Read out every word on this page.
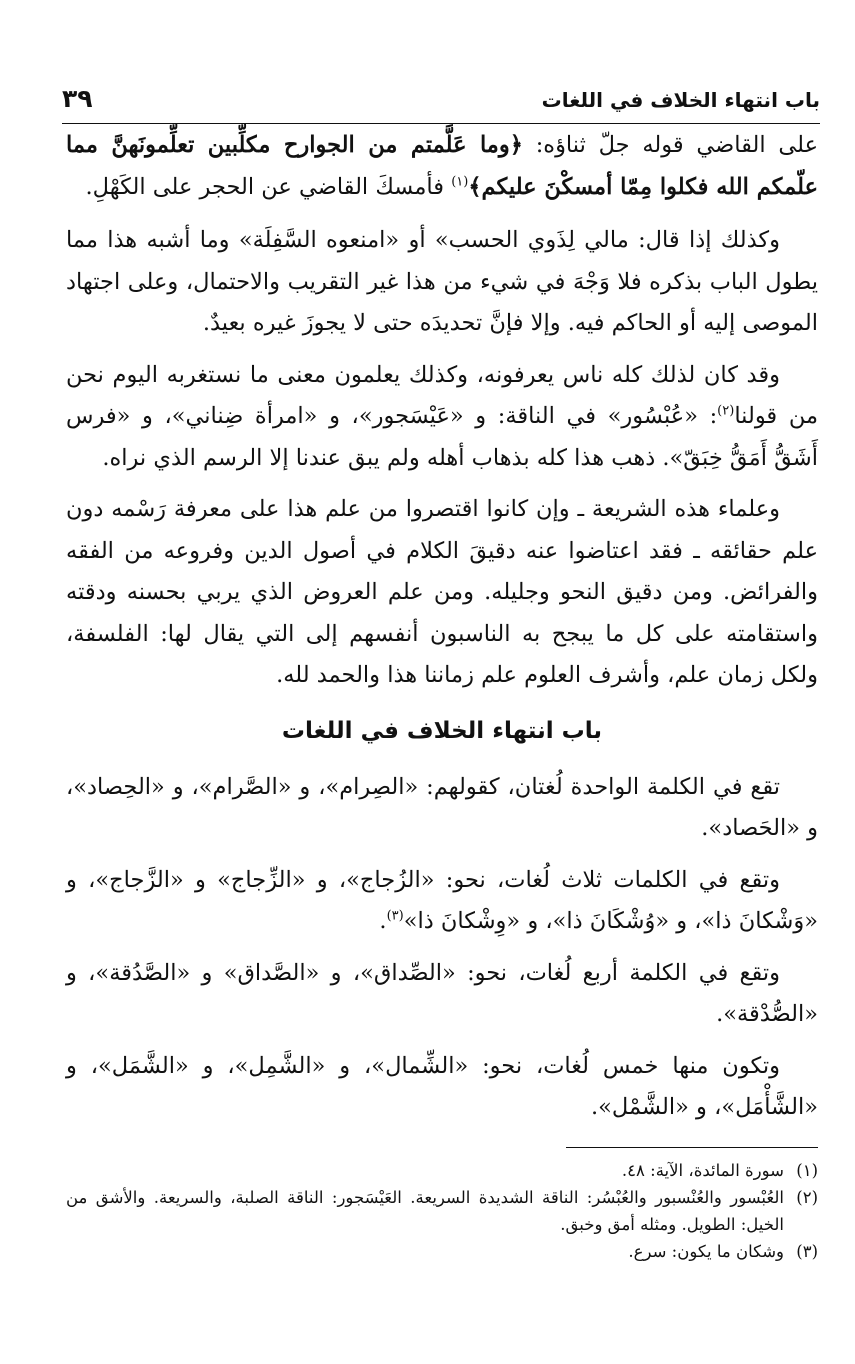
باب انتهاء الخلاف في اللغات
٣٩

على القاضي قوله جلّ ثناؤه: ﴿وما عَلَّمتم من الجوارح مكلِّبين تعلِّمونَهنَّ مما علّمكم الله فكلوا مِمّا أمسكْنَ عليكم﴾$^{(١)}$ فأمسكَ القاضي عن الحجر على الكَهْلِ.

وكذلك إذا قال: مالي لِذَوي الحسب» أو «امنعوه السَّفِلَة» وما أشبه هذا مما يطول الباب بذكره فلا وَجْهَ في شيء من هذا غير التقريب والاحتمال، وعلى اجتهاد الموصى إليه أو الحاكم فيه. وإلا فإنَّ تحديدَه حتى لا يجوزَ غيره بعيدٌ.

وقد كان لذلك كله ناس يعرفونه، وكذلك يعلمون معنى ما نستغربه اليوم نحن من قولنا$^{(٢)}$: «عُبْسُور» في الناقة: و «عَيْسَجور»، و «امرأة ضِناني»، و «فرس أَشَقُّ أَمَقُّ خِبَقّ». ذهب هذا كله بذهاب أهله ولم يبق عندنا إلا الرسم الذي نراه.

وعلماء هذه الشريعة ـ وإن كانوا اقتصروا من علم هذا على معرفة رَسْمه دون علم حقائقه ـ فقد اعتاضوا عنه دقيقَ الكلام في أصول الدين وفروعه من الفقه والفرائض. ومن دقيق النحو وجليله. ومن علم العروض الذي يربي بحسنه ودقته واستقامته على كل ما يبجح به الناسبون أنفسهم إلى التي يقال لها: الفلسفة، ولكل زمان علم، وأشرف العلوم علم زماننا هذا والحمد لله.

باب انتهاء الخلاف في اللغات

تقع في الكلمة الواحدة لُغتان، كقولهم: «الصِرام»، و «الصَّرام»، و «الحِصاد»، و «الحَصاد».

وتقع في الكلمات ثلاث لُغات، نحو: «الزُجاج»، و «الزِّجاج» و «الزَّجاج»، و «وَشْكانَ ذا»، و «وُشْكَانَ ذا»، و «وِشْكانَ ذا»$^{(٣)}$.

وتقع في الكلمة أربع لُغات، نحو: «الصِّداق»، و «الصَّداق» و «الصَّدُقة»، و «الصُّدْقة».

وتكون منها خمس لُغات، نحو: «الشِّمال»، و «الشَّمِل»، و «الشَّمَل»، و «الشَّأْمَل»، و «الشَّمْل».

(١)
سورة المائدة، الآية: ٤٨.
(٢)
العُبْسور والعُنْسبور والعُبْسُر: الناقة الشديدة السريعة. العَيْسَجور: الناقة الصلبة، والسريعة. والأشق من الخيل: الطويل. ومثله أمق وخبق.
(٣)
وشكان ما يكون: سرع.
